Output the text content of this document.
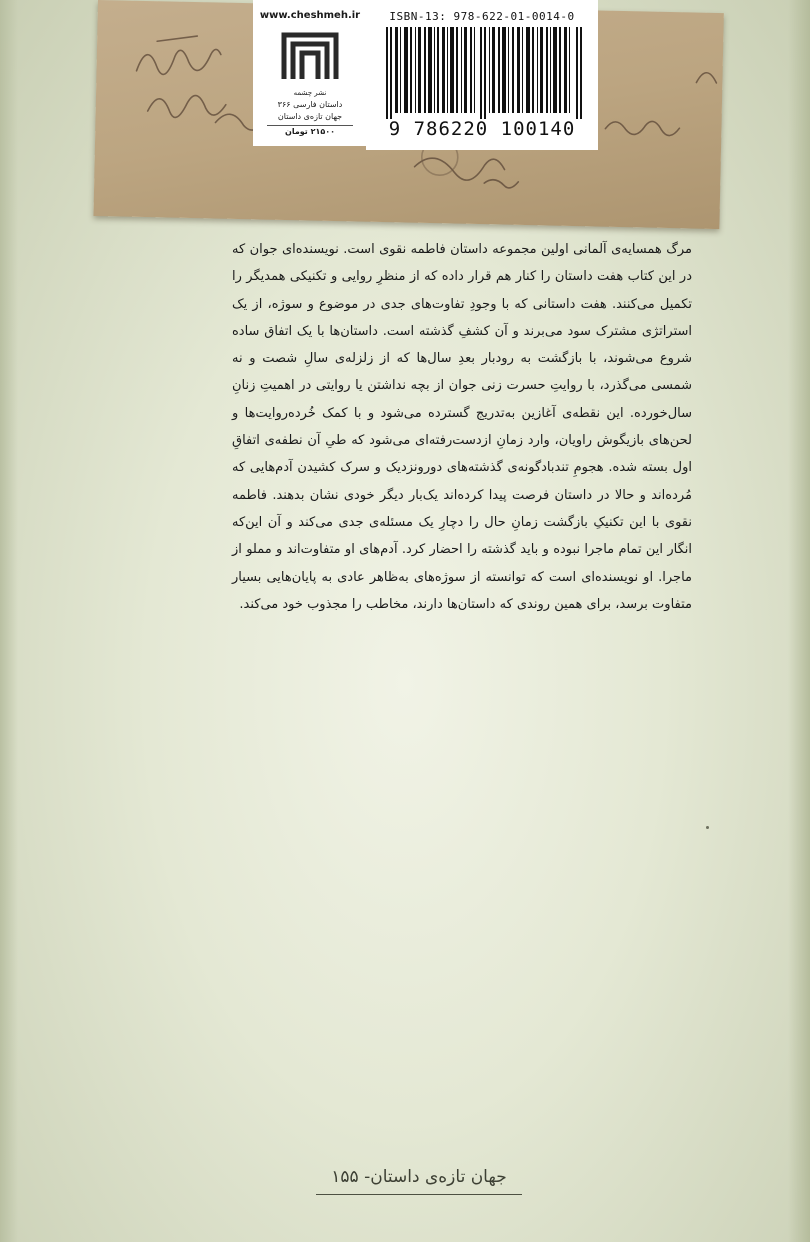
www.cheshmeh.ir
نشر چشمه
داستان فارسی ۳۶۶
جهان تازه‌ی داستان
۲۱۵۰۰ تومان
ISBN-13: 978-622-01-0014-0
9 786220 100140

مرگ همسایه‌ی آلمانی اولین مجموعه داستان فاطمه نقوی است. نویسنده‌ای جوان که در این کتاب هفت داستان را کنار هم قرار داده که از منظرِ روایی و تکنیکی همدیگر را تکمیل می‌کنند. هفت داستانی که با وجودِ تفاوت‌های جدی در موضوع و سوژه، از یک استراتژی مشترک سود می‌برند و آن کشفِ گذشته است. داستان‌ها با یک اتفاق ساده شروع می‌شوند، با بازگشت به رودبار بعدِ سال‌ها که از زلزله‌ی سالِ شصت و نه شمسی می‌گذرد، با روایتِ حسرت زنی جوان از بچه نداشتن یا روایتی در اهمیتِ زنانِ سال‌خورده. این نقطه‌ی آغازین به‌تدریج گسترده می‌شود و با کمک خُرده‌روایت‌ها و لحن‌های بازیگوش راویان، وارد زمانِ ازدست‌رفته‌ای می‌شود که طیِ آن نطفه‌ی اتفاقِ اول بسته شده. هجومِ تندبادگونه‌ی گذشته‌های دورونزدیک و سرک کشیدن آدم‌هایی که مُرده‌اند و حالا در داستان فرصت پیدا کرده‌اند یک‌بار دیگر خودی نشان بدهند. فاطمه نقوی با این تکنیکِ بازگشت زمانِ حال را دچارِ یک مسئله‌ی جدی می‌کند و آن این‌که انگار این تمام ماجرا نبوده و باید گذشته را احضار کرد. آدم‌های او متفاوت‌اند و مملو از ماجرا. او نویسنده‌ای است که توانسته از سوژه‌های به‌ظاهر عادی به پایان‌هایی بسیار متفاوت برسد، برای همین روندی که داستان‌ها دارند، مخاطب را مجذوب خود می‌کند.

جهان تازه‌ی داستان- ۱۵۵
